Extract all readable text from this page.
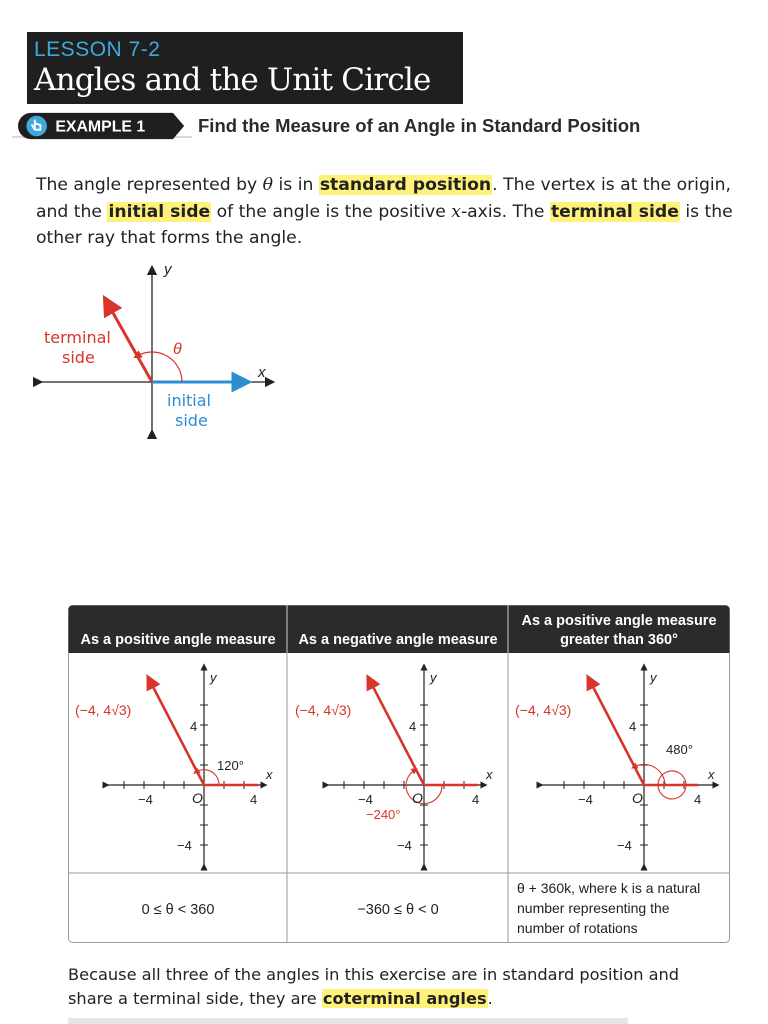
LESSON 7-2
Angles and the Unit Circle
EXAMPLE 1	Find the Measure of an Angle in Standard Position
The angle represented by θ is in standard position. The vertex is at the origin, and the initial side of the angle is the positive x-axis. The terminal side is the other ray that forms the angle.
y
x
θ
terminal
side
initial
side
As a positive angle measure As a negative angle measure
As a positive angle measure
greater than 360°
120°
(−4, 4√3)
4
4
−4
−4
O
y
x
−240°
(−4, 4√3)
4
4
−4
−4
O
y
x
480°
(−4, 4√3)
4
4
−4
−4
O
y
x
0 ≤ θ < 360	−360 ≤ θ < 0
θ + 360k, where k is a natural
number representing the
number of rotations
Because all three of the angles in this exercise are in standard position and
share a terminal side, they are coterminal angles.
